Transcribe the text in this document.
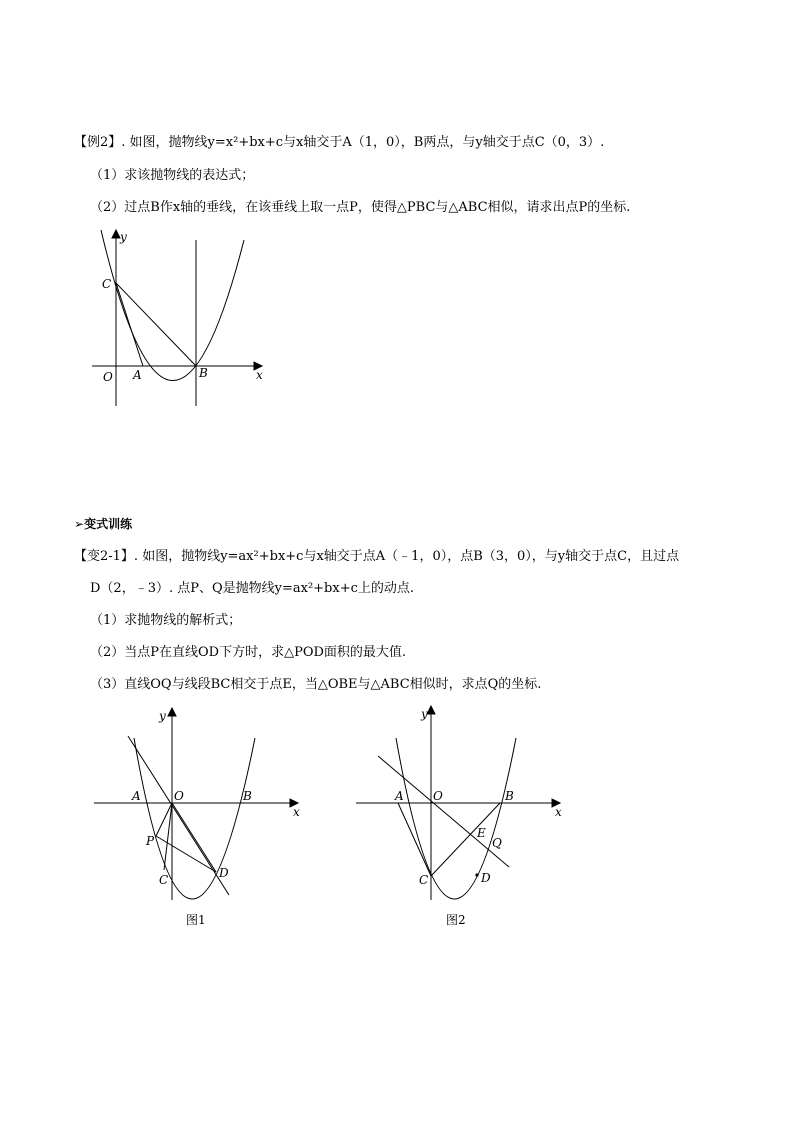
【例2】. 如图，抛物线y=x²+bx+c与x轴交于A（1，0），B两点，与y轴交于点C（0，3）.
（1）求该抛物线的表达式；
（2）过点B作x轴的垂线，在该垂线上取一点P，使得△PBC与△ABC相似，请求出点P的坐标.
y
x
C
O A	B
➢变式训练
【变2-1】. 如图，抛物线y=ax²+bx+c与x轴交于点A（﹣1，0），点B（3，0），与y轴交于点C，且过点
D（2，﹣3）. 点P、Q是抛物线y=ax²+bx+c上的动点.
（1）求抛物线的解析式；
（2）当点P在直线OD下方时，求△POD面积的最大值.
（3）直线OQ与线段BC相交于点E，当△OBE与△ABC相似时，求点Q的坐标.
y
x
A	O	B
P
C	D
图1
y
x
A O	B
E
Q
C	D
图2
